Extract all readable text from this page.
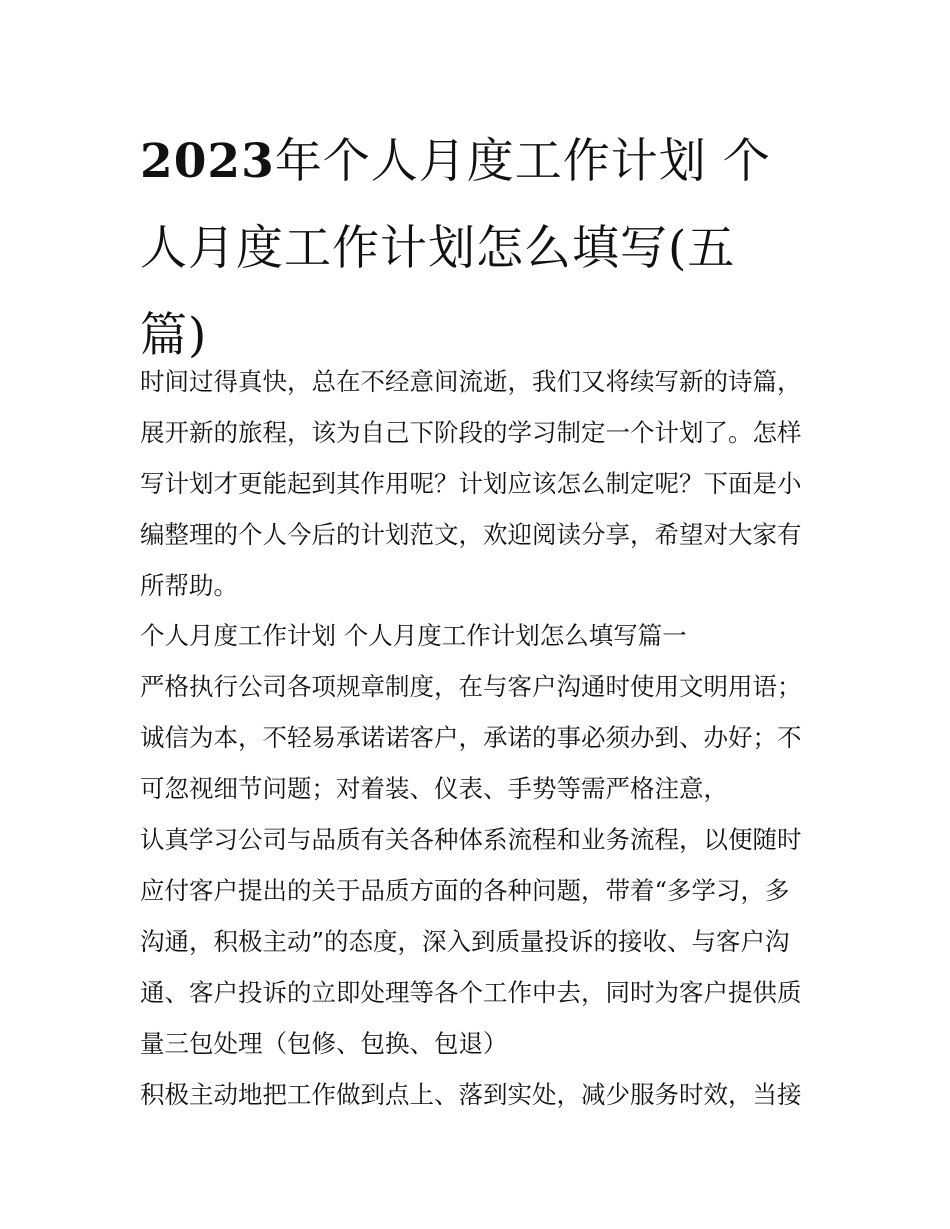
2023年个人月度工作计划 个
人月度工作计划怎么填写(五
篇)
时间过得真快，总在不经意间流逝，我们又将续写新的诗篇，
展开新的旅程，该为自己下阶段的学习制定一个计划了。怎样
写计划才更能起到其作用呢？计划应该怎么制定呢？下面是小
编整理的个人今后的计划范文，欢迎阅读分享，希望对大家有
所帮助。
个人月度工作计划 个人月度工作计划怎么填写篇一
严格执行公司各项规章制度，在与客户沟通时使用文明用语；
诚信为本，不轻易承诺诺客户，承诺的事必须办到、办好；不
可忽视细节问题；对着装、仪表、手势等需严格注意，
认真学习公司与品质有关各种体系流程和业务流程，以便随时
应付客户提出的关于品质方面的各种问题，带着“多学习，多
沟通，积极主动”的态度，深入到质量投诉的接收、与客户沟
通、客户投诉的立即处理等各个工作中去，同时为客户提供质
量三包处理（包修、包换、包退）
积极主动地把工作做到点上、落到实处，减少服务时效，当接
